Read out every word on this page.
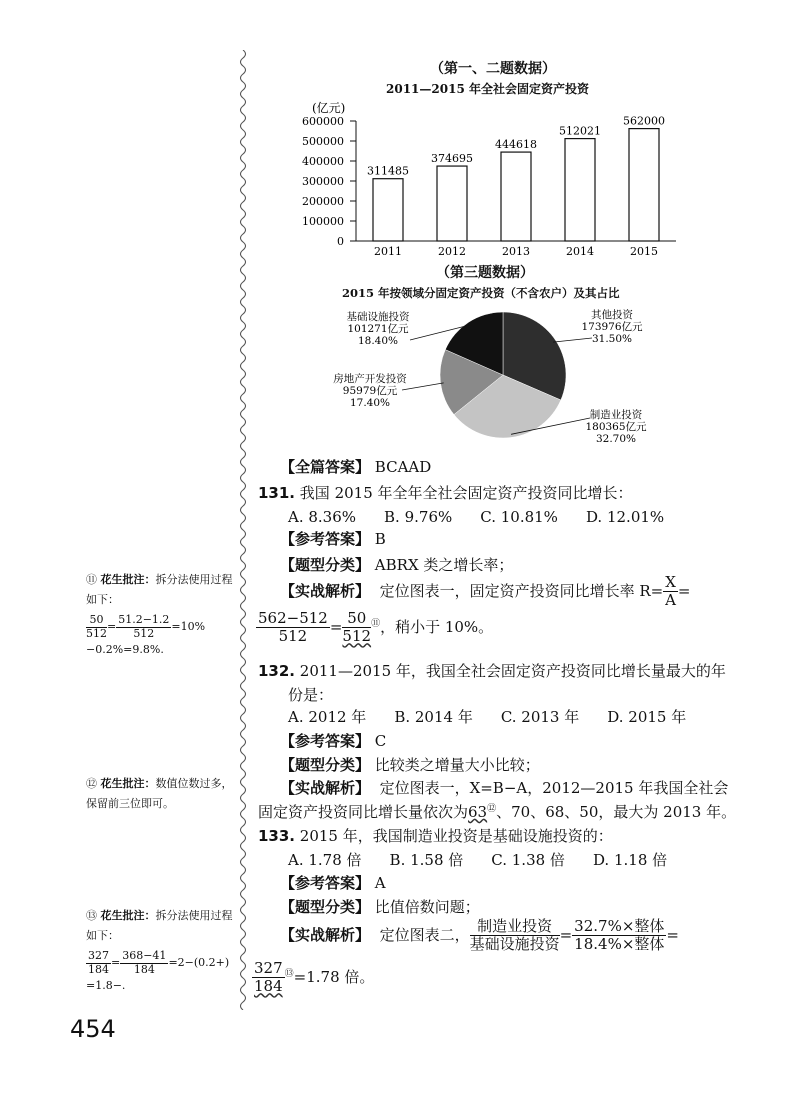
（第一、二题数据）
2011—2015 年全社会固定资产投资
(亿元)
0
100000
200000
300000
400000
500000
600000
311485
2011
374695
2012
444618
2013
512021
2014
562000
2015
（第三题数据）
2015 年按领域分固定资产投资（不含农户）及其占比
其他投资
173976亿元
31.50%
制造业投资
180365亿元
32.70%
房地产开发投资
95979亿元
17.40%
基础设施投资
101271亿元
18.40%
【全篇答案】 BCAAD
131. 我国 2015 年全年全社会固定资产投资同比增长：
A. 8.36% B. 9.76% C. 10.81% D. 12.01%
【参考答案】 B
【题型分类】 ABRX 类之增长率；
【实战解析】 定位图表一，固定资产投资同比增长率 $R= \frac{X}{A}$ =
$\frac{562-512}{512} = \frac{50}{512} ^⑪$，稍小于 10%。
132. 2011—2015 年，我国全社会固定资产投资同比增长量最大的年
份是：
A. 2012 年 B. 2014 年 C. 2013 年 D. 2015 年
【参考答案】 C
【题型分类】 比较类之增量大小比较；
【实战解析】 定位图表一，X=B−A，2012—2015 年我国全社会
固定资产投资同比增长量依次为63⑫、70、68、50，最大为 2013 年。
133. 2015 年，我国制造业投资是基础设施投资的：
A. 1.78 倍 B. 1.58 倍 C. 1.38 倍 D. 1.18 倍
【参考答案】 A
【题型分类】 比值倍数问题；
【实战解析】 定位图表二， $\frac{\text{制造业投资}}{\text{基础设施投资}} = \frac{\text{32.7\%×整体}}{\text{18.4\%×整体}}$ =
$\frac{327}{184} ^⑬=1.78$ 倍。
⑪ 花生批注：拆分法使用过程如下：
$\frac{50}{512} = \frac{51.2-1.2}{512} =10\%$
−0.2%=9.8%.
⑫ 花生批注：数值位数过多，保留前三位即可。
⑬ 花生批注：拆分法使用过程如下：
$\frac{327}{184} = \frac{368-41}{184} =2-(0.2+)$
=1.8−.
454
